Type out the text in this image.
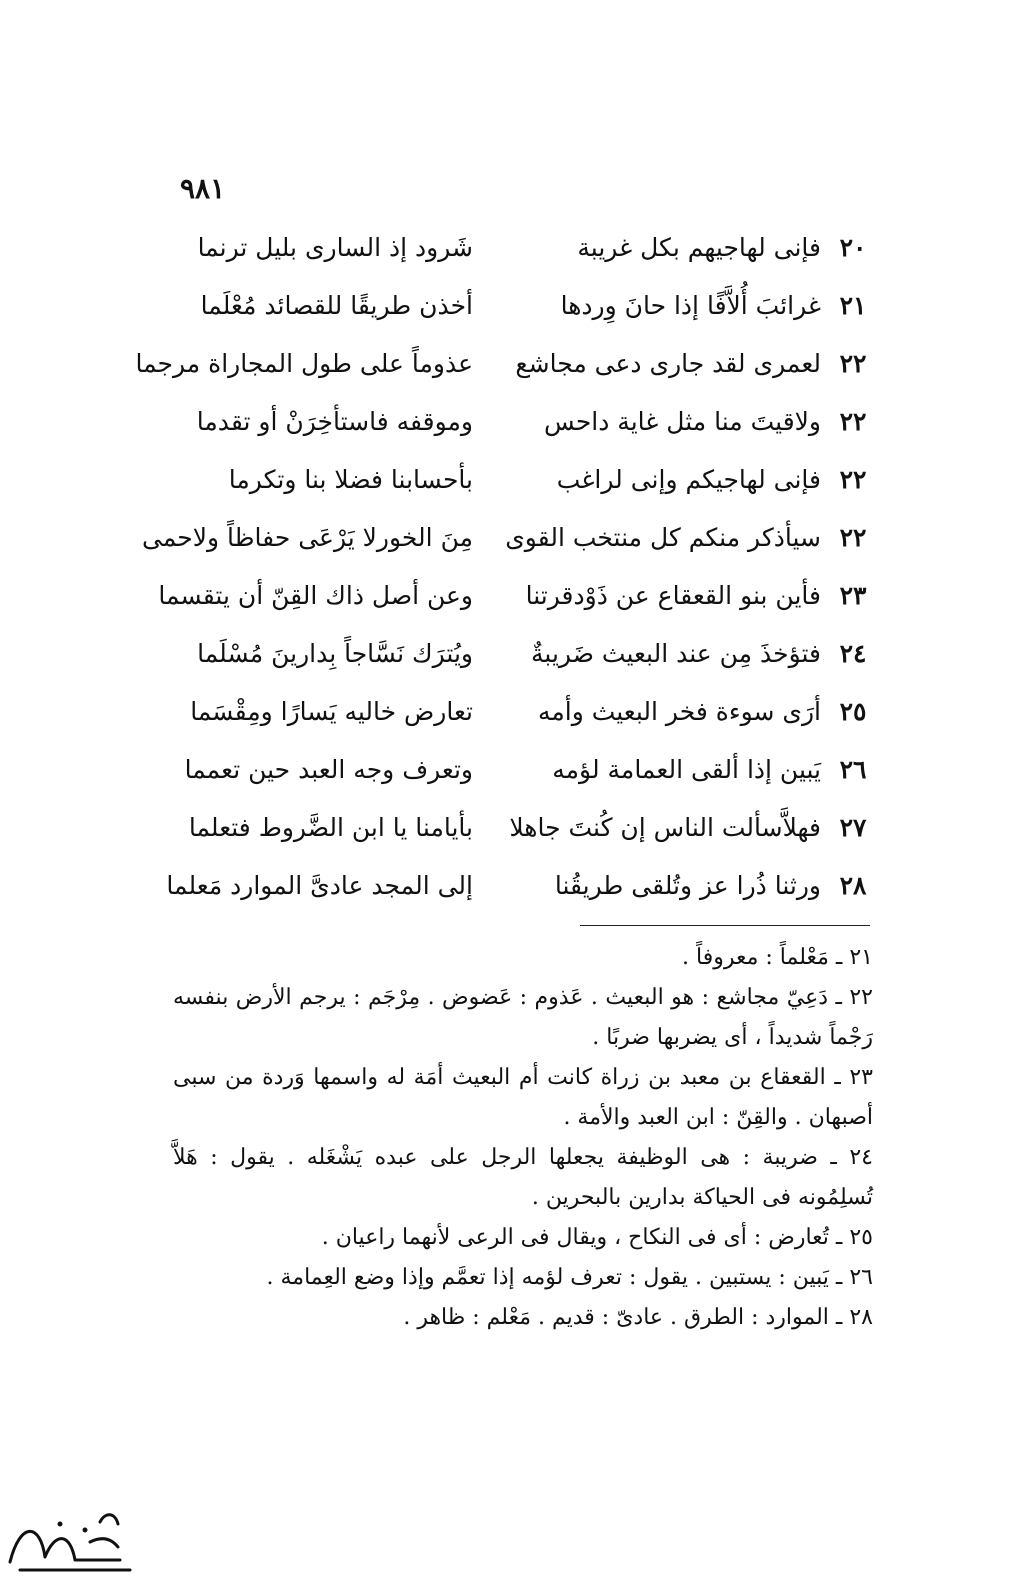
٩٨١
٢٠
فإنى لهاجيهم بكل غريبة
شَرود إذ السارى بليل ترنما
٢١
غرائبَ أُلاَّفًا إذا حانَ وِردها
أخذن طريقًا للقصائد مُعْلَما
٢٢
لعمرى لقد جارى دعى مجاشع
عذوماً على طول المجاراة مرجما
٢٢
ولاقيتَ منا مثل غاية داحس
وموقفه فاستأخِرَنْ أو تقدما
٢٢
فإنى لهاجيكم وإنى لراغب
بأحسابنا فضلا بنا وتكرما
٢٢
سيأذكر منكم كل منتخب القوى
مِنَ الخورلا يَرْعَى حفاظاً ولاحمى
٢٣
فأين بنو القعقاع عن ذَوْدقرتنا
وعن أصل ذاك القِنّ أن يتقسما
٢٤
فتؤخذَ مِن عند البعيث ضَريبةٌ
ويُترَك نَسَّاجاً بِدارينَ مُسْلَما
٢٥
أرَى سوءة فخر البعيث وأمه
تعارض خاليه يَسارًا ومِقْسَما
٢٦
يَبين إذا ألقى العمامة لؤمه
وتعرف وجه العبد حين تعمما
٢٧
فهلاَّسألت الناس إن كُنتَ جاهلا
بأيامنا يا ابن الضَّروط فتعلما
٢٨
ورثنا ذُرا عز وتُلقى طريقُنا
إلى المجد عادىَّ الموارد مَعلما

٢١ ـ مَعْلماً : معروفاً .

٢٢ ـ دَعِيّ مجاشع : هو البعيث . عَذوم : عَضوض . مِرْجَم : يرجم الأرض بنفسه رَجْماً شديداً ، أى يضربها ضربًا .

٢٣ ـ القعقاع بن معبد بن زراة كانت أم البعيث أمَة له واسمها وَردة من سبى أصبهان . والقِنّ : ابن العبد والأمة .

٢٤ ـ ضريبة : هى الوظيفة يجعلها الرجل على عبده يَشْغَله . يقول : هَلاَّ تُسلِمُونه فى الحياكة بدارين بالبحرين .

٢٥ ـ تُعارض : أى فى النكاح ، ويقال فى الرعى لأنهما راعيان .

٢٦ ـ يَبين : يستبين . يقول : تعرف لؤمه إذا تعمَّم وإذا وضع العِمامة .

٢٨ ـ الموارد : الطرق . عادىّ : قديم . مَعْلم : ظاهر .
